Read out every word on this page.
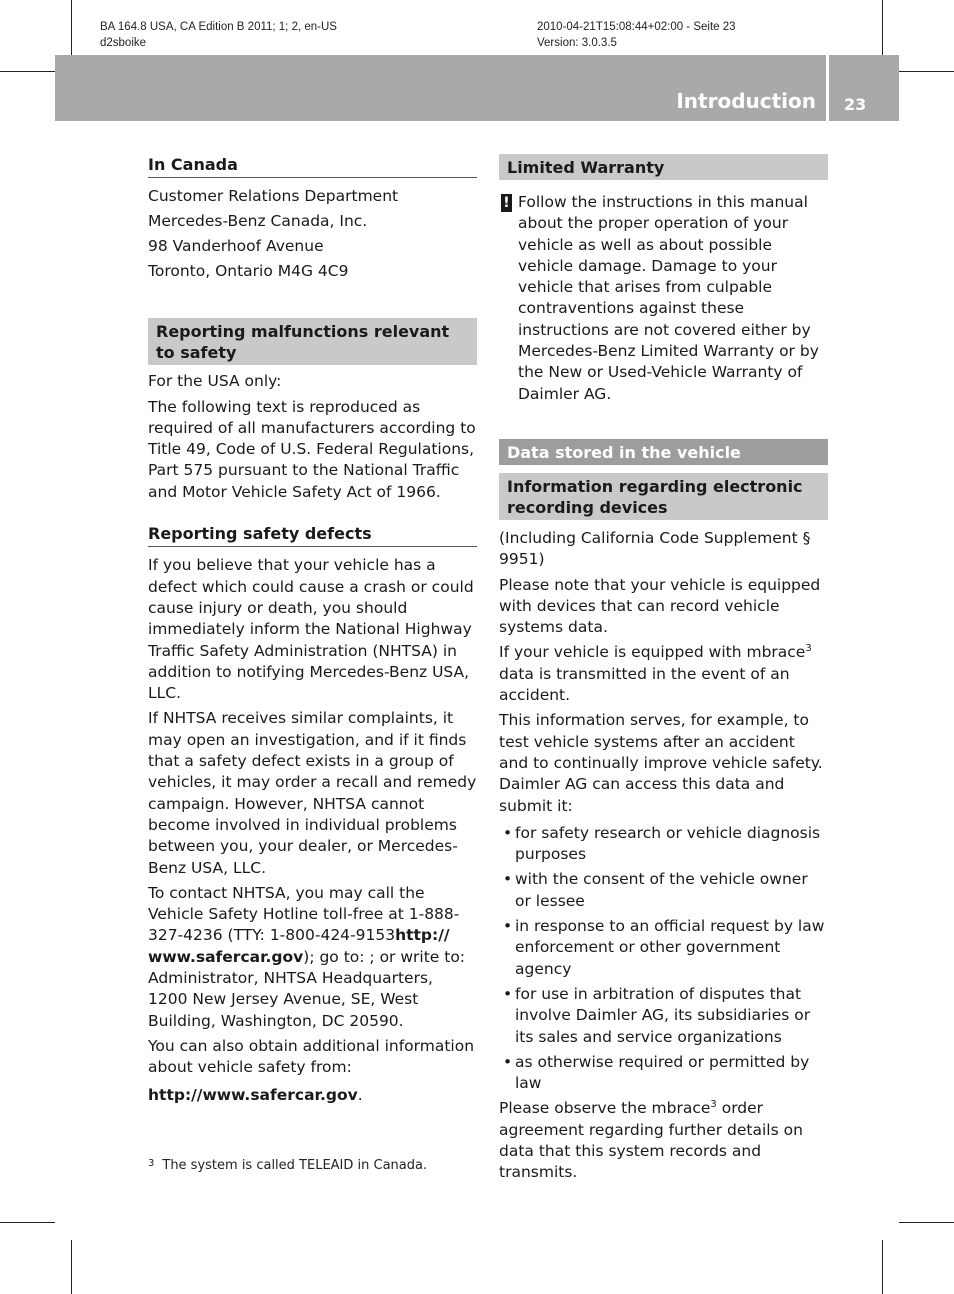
BA 164.8 USA, CA Edition B 2011; 1; 2, en-US
d2sboike
2010-04-21T15:08:44+02:00 - Seite 23
Version: 3.0.3.5
Introduction 23
In Canada

Customer Relations Department

Mercedes-Benz Canada, Inc.

98 Vanderhoof Avenue

Toronto, Ontario M4G 4C9

Reporting malfunctions relevant to safety

For the USA only:

The following text is reproduced as required of all manufacturers according to Title 49, Code of U.S. Federal Regulations, Part 575 pursuant to the National Traffic and Motor Vehicle Safety Act of 1966.

Reporting safety defects

If you believe that your vehicle has a defect which could cause a crash or could cause injury or death, you should immediately inform the National Highway Traffic Safety Administration (NHTSA) in addition to notifying Mercedes-Benz USA, LLC.

If NHTSA receives similar complaints, it may open an investigation, and if it finds that a safety defect exists in a group of vehicles, it may order a recall and remedy campaign. However, NHTSA cannot become involved in individual problems between you, your dealer, or Mercedes-Benz USA, LLC.

To contact NHTSA, you may call the Vehicle Safety Hotline toll-free at 1-888-327-4236 (TTY: 1-800-424-9153http:// www.safercar.gov); go to: ; or write to: Administrator, NHTSA Headquarters, 1200 New Jersey Avenue, SE, West Building, Washington, DC 20590.

You can also obtain additional information about vehicle safety from:

http://www.safercar.gov.

Limited Warranty
! Follow the instructions in this manual about the proper operation of your vehicle as well as about possible vehicle damage. Damage to your vehicle that arises from culpable contraventions against these instructions are not covered either by Mercedes-Benz Limited Warranty or by the New or Used-Vehicle Warranty of Daimler AG.
Data stored in the vehicle
Information regarding electronic recording devices

(Including California Code Supplement § 9951)

Please note that your vehicle is equipped with devices that can record vehicle systems data.

If your vehicle is equipped with mbrace$^3$ data is transmitted in the event of an accident.

This information serves, for example, to test vehicle systems after an accident and to continually improve vehicle safety.

Daimler AG can access this data and submit it:

• for safety research or vehicle diagnosis purposes
• with the consent of the vehicle owner or lessee
• in response to an official request by law enforcement or other government agency
• for use in arbitration of disputes that involve Daimler AG, its subsidiaries or its sales and service organizations
• as otherwise required or permitted by law

Please observe the mbrace$^3$ order agreement regarding further details on data that this system records and transmits.

$^3$ The system is called TELEAID in Canada.
